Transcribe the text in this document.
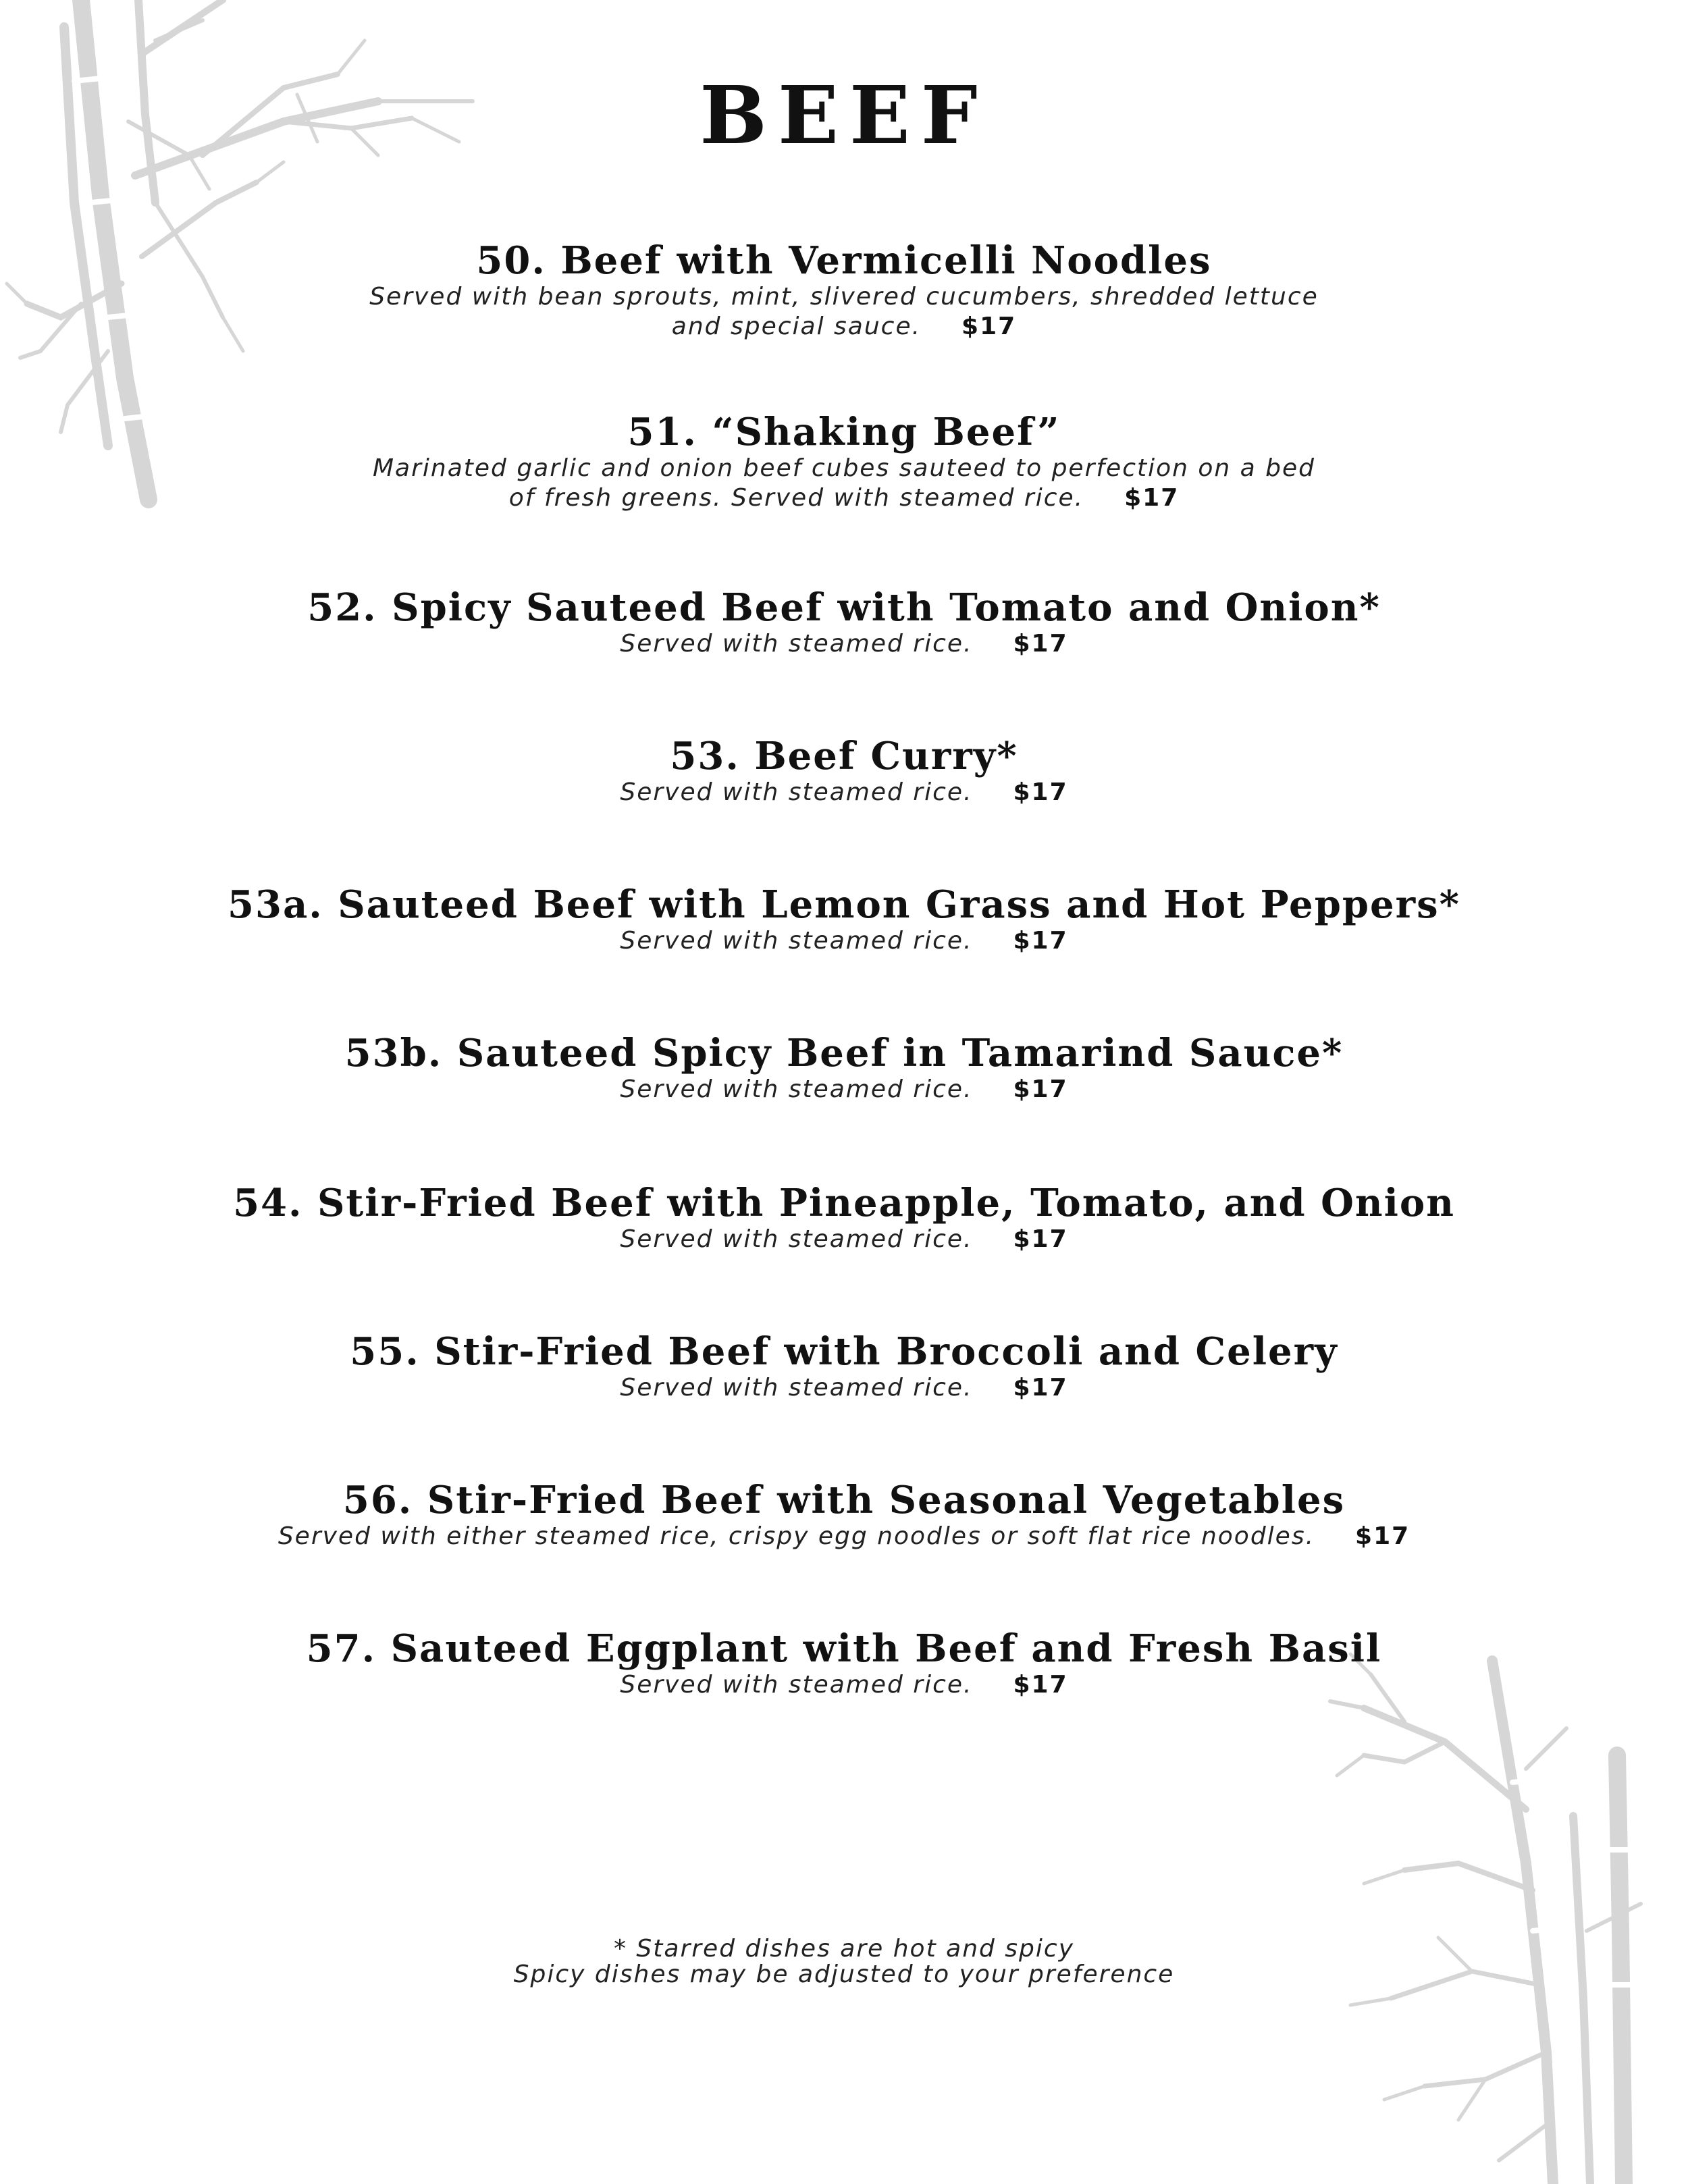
BEEF
50. Beef with Vermicelli Noodles
Served with bean sprouts, mint, slivered cucumbers, shredded lettuce
and special sauce. $17
51. “Shaking Beef”
Marinated garlic and onion beef cubes sauteed to perfection on a bed
of fresh greens. Served with steamed rice. $17
52. Spicy Sauteed Beef with Tomato and Onion*
Served with steamed rice. $17
53. Beef Curry*
Served with steamed rice. $17
53a. Sauteed Beef with Lemon Grass and Hot Peppers*
Served with steamed rice. $17
53b. Sauteed Spicy Beef in Tamarind Sauce*
Served with steamed rice. $17
54. Stir-Fried Beef with Pineapple, Tomato, and Onion
Served with steamed rice. $17
55. Stir-Fried Beef with Broccoli and Celery
Served with steamed rice. $17
56. Stir-Fried Beef with Seasonal Vegetables
Served with either steamed rice, crispy egg noodles or soft flat rice noodles. $17
57. Sauteed Eggplant with Beef and Fresh Basil
Served with steamed rice. $17
* Starred dishes are hot and spicy
Spicy dishes may be adjusted to your preference
